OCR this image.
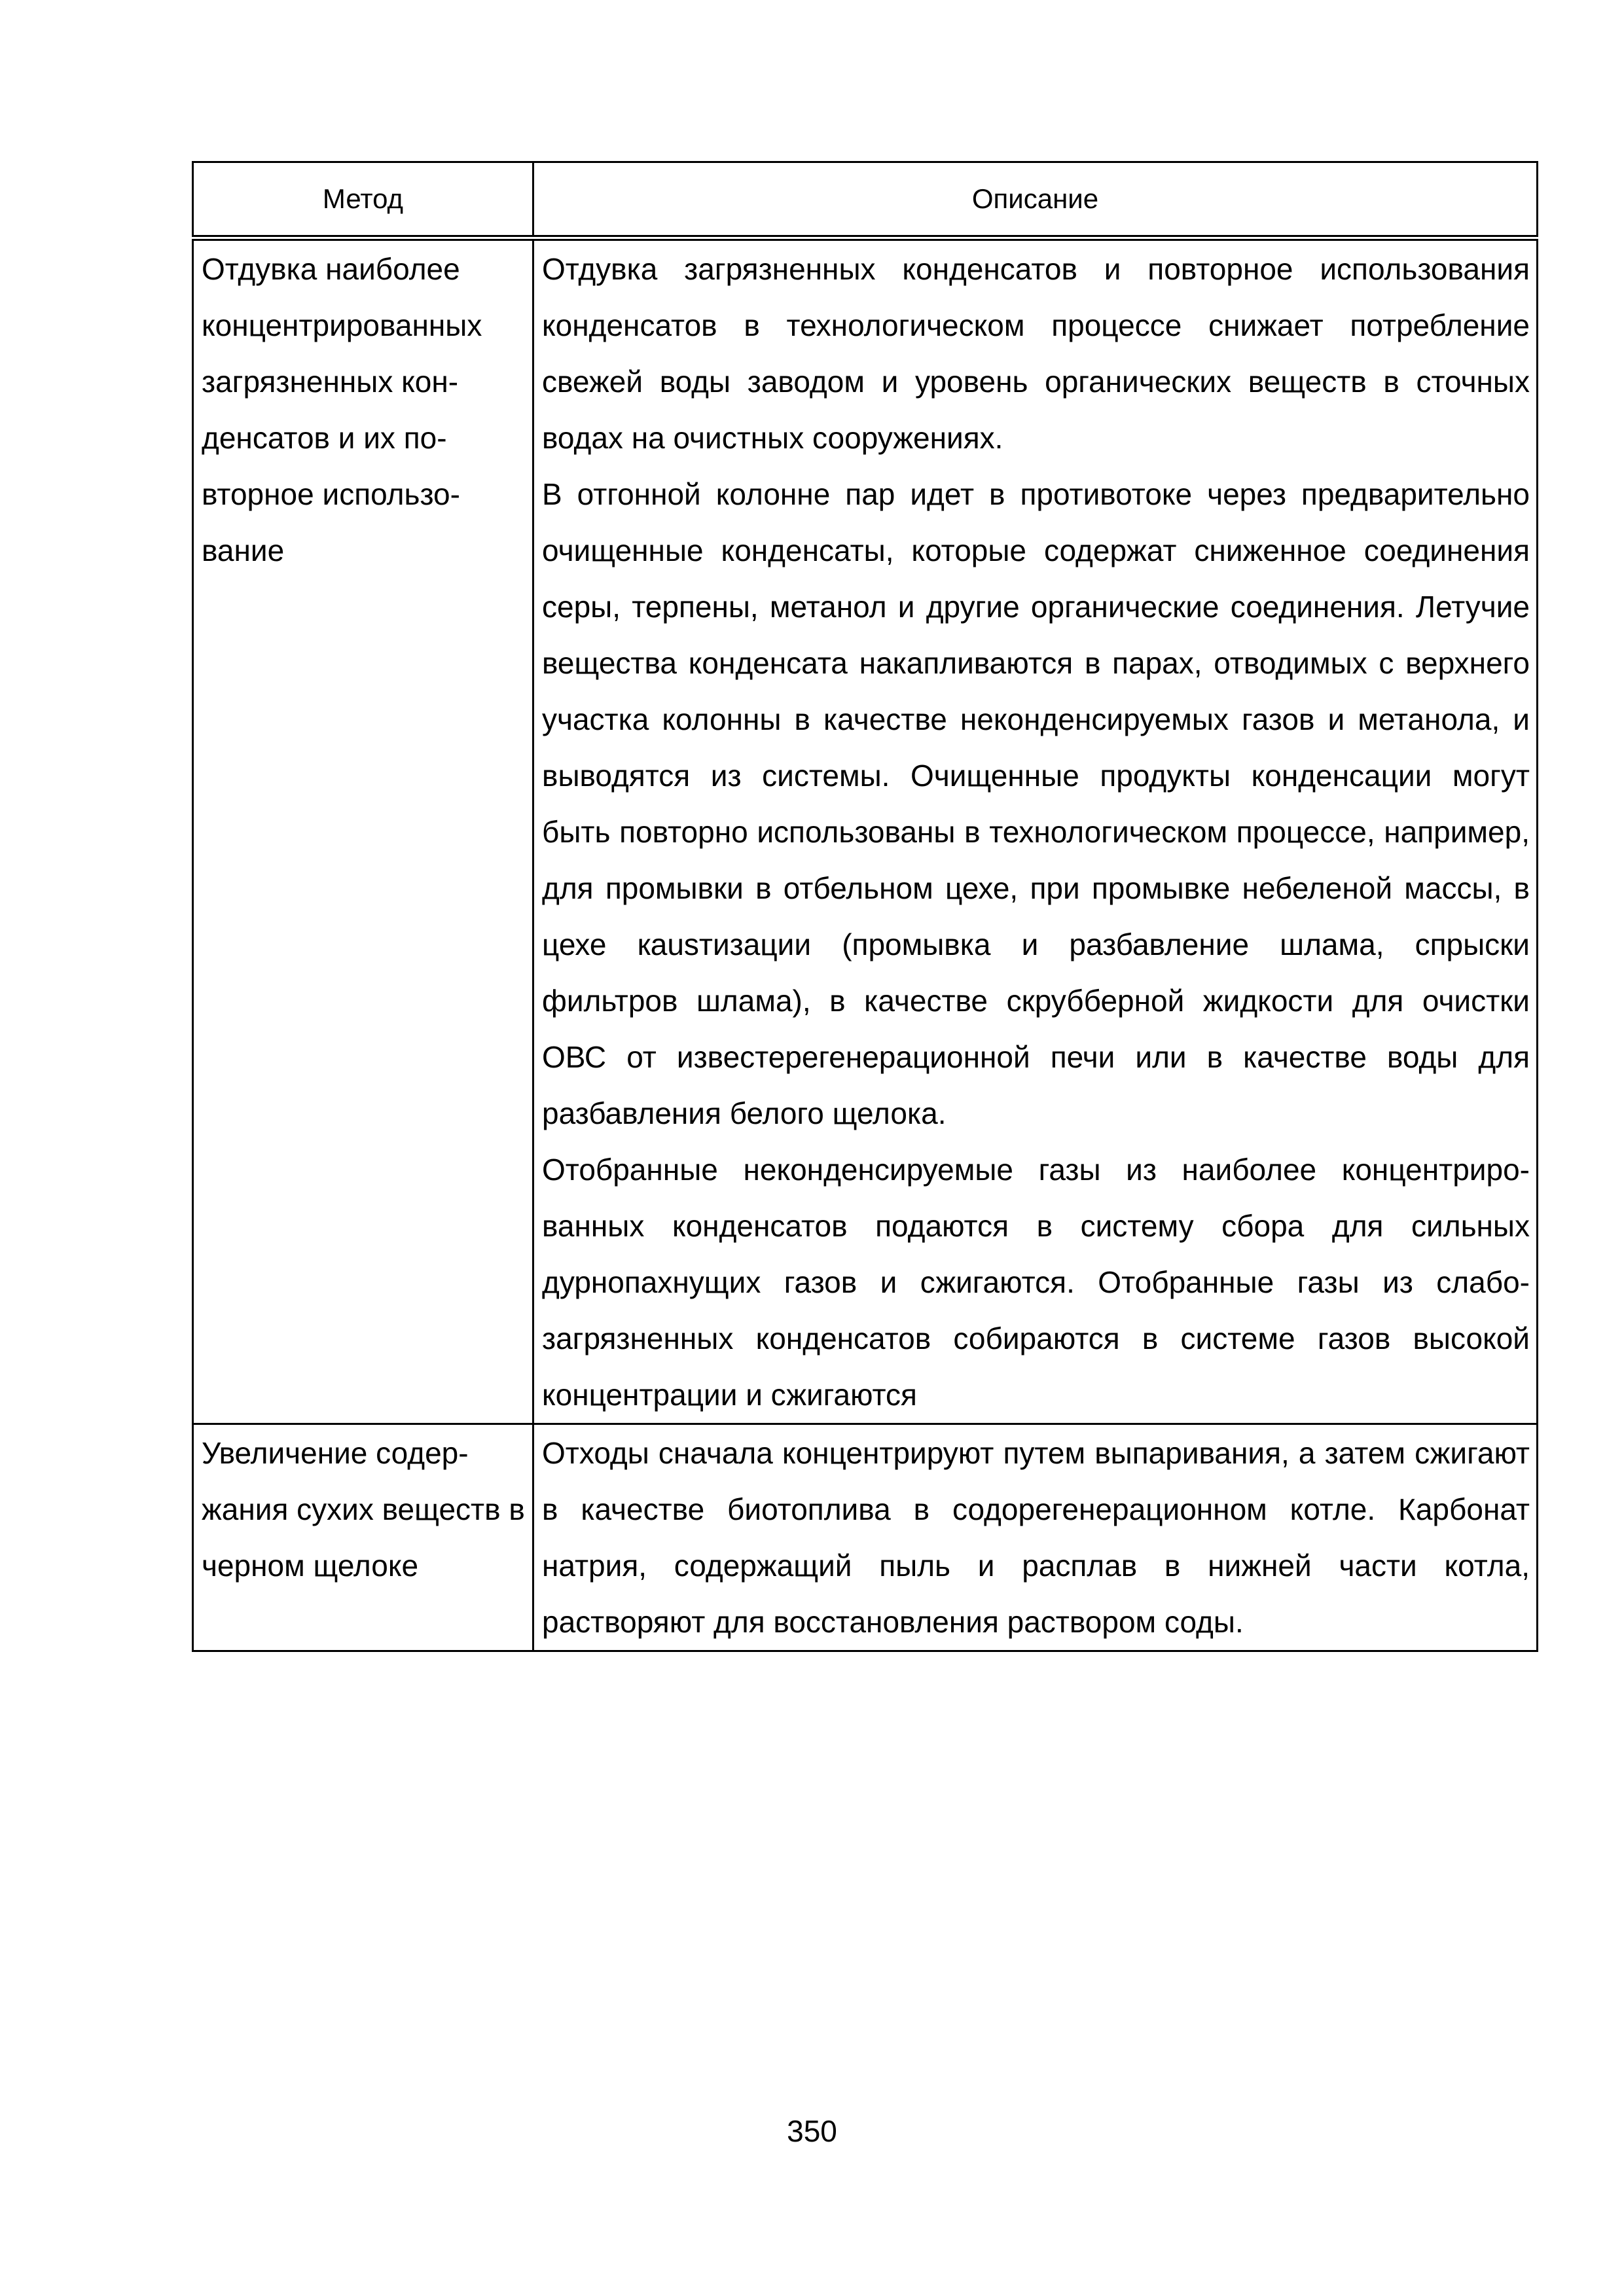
Метод	Описание
Отдувка наиболее концентрированных загрязненных конденсатов и их повторное использование	Отдувка загрязненных конденсатов и повторное использования конденсатов в технологическом процессе снижает потребление свежей воды заводом и уровень органических веществ в сточных водах на очистных сооружениях.

В отгонной колонне пар идет в противотоке через предварительно очищенные конденсаты, которые содержат сниженное соединения серы, терпены, метанол и другие органические соединения. Летучие вещества конденсата накапливаются в парах, отводимых с верхнего участка колонны в качестве неконденсируемых газов и метанола, и выводятся из системы. Очищенные продукты конденсации могут быть повторно использованы в технологическом процессе, например, для промывки в отбельном цехе, при промывке небеленой массы, в цехе кausтизации (промывка и разбавление шлама, спрыски фильтров шлама), в качестве скрубберной жидкости для очистки ОВС от известерегенерационной печи или в качестве воды для разбавления белого щелока.

Отобранные неконденсируемые газы из наиболее концентрированных конденсатов подаются в систему сбора для сильных дурнопахнущих газов и сжигаются. Отобранные газы из слабозагрязненных конденсатов собираются в системе газов высокой концентрации и сжигаются

Увеличение содержания сухих веществ в черном щелоке	Отходы сначала концентрируют путем выпаривания, а затем сжигают в качестве биотоплива в содорегенерационном котле. Карбонат натрия, содержащий пыль и расплав в нижней части котла, растворяют для восстановления раствором соды.

350
